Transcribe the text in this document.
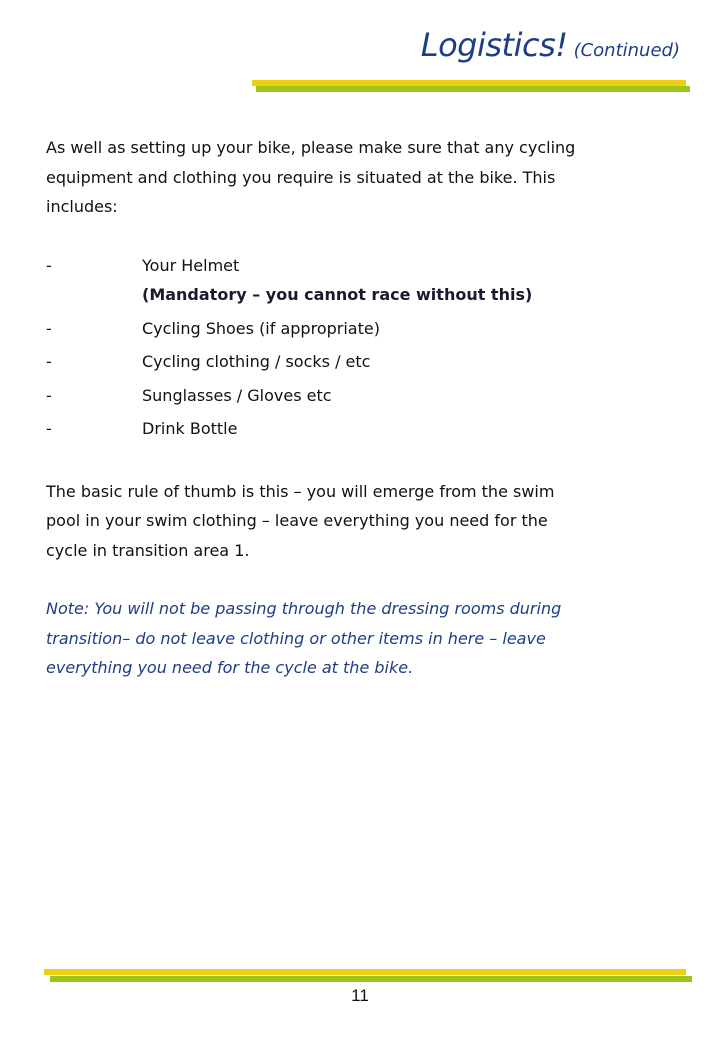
Logistics! (Continued)

As well as setting up your bike, please make sure that any cycling equipment and clothing you require is situated at the bike. This includes:

-	Your Helmet
(Mandatory – you cannot race without this)
-	Cycling Shoes (if appropriate)
-	Cycling clothing / socks / etc
-	Sunglasses / Gloves etc
-	Drink Bottle

The basic rule of thumb is this – you will emerge from the swim pool in your swim clothing – leave everything you need for the cycle in transition area 1.

Note: You will not be passing through the dressing rooms during transition– do not leave clothing or other items in here – leave everything you need for the cycle at the bike.

11
